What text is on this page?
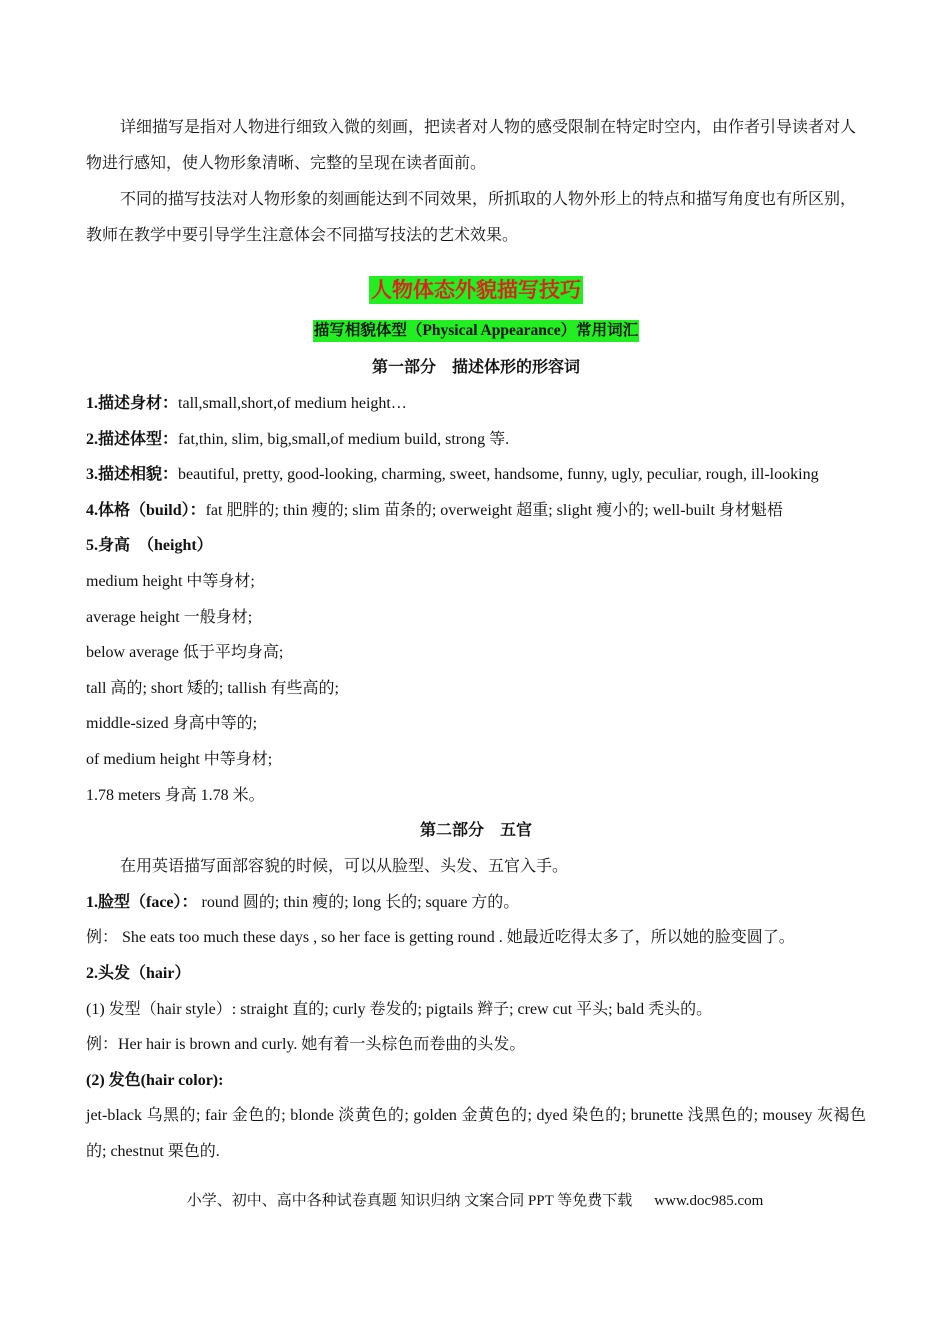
详细描写是指对人物进行细致入微的刻画，把读者对人物的感受限制在特定时空内，由作者引导读者对人物进行感知，使人物形象清晰、完整的呈现在读者面前。

不同的描写技法对人物形象的刻画能达到不同效果，所抓取的人物外形上的特点和描写角度也有所区别，教师在教学中要引导学生注意体会不同描写技法的艺术效果。

人物体态外貌描写技巧
描写相貌体型（Physical Appearance）常用词汇
第一部分　描述体形的形容词
1.描述身材：tall,small,short,of medium height…
2.描述体型：fat,thin, slim, big,small,of medium build, strong 等.
3.描述相貌：beautiful, pretty, good-looking, charming, sweet, handsome, funny, ugly, peculiar, rough, ill-looking
4.体格（build）：fat 肥胖的; thin 瘦的; slim 苗条的; overweight 超重; slight 瘦小的; well-built 身材魁梧
5.身高　（height）
medium height 中等身材;
average height 一般身材;
below average 低于平均身高;
tall 高的; short 矮的; tallish 有些高的;
middle-sized 身高中等的;
of medium height 中等身材;
1.78 meters 身高 1.78 米。
第二部分　五官
在用英语描写面部容貌的时候，可以从脸型、头发、五官入手。
1.脸型（face）： round 圆的; thin 瘦的; long 长的; square 方的。
例： She eats too much these days , so her face is getting round . 她最近吃得太多了，所以她的脸变圆了。
2.头发（hair）
(1) 发型（hair style）: straight 直的; curly 卷发的; pigtails 辫子; crew cut 平头; bald 秃头的。
例：Her hair is brown and curly. 她有着一头棕色而卷曲的头发。
(2) 发色(hair color):
jet-black 乌黑的; fair 金色的; blonde 淡黄色的; golden 金黄色的; dyed 染色的; brunette 浅黑色的; mousey 灰褐色的; chestnut 栗色的.
小学、初中、高中各种试卷真题 知识归纳 文案合同 PPT 等免费下载 www.doc985.com
